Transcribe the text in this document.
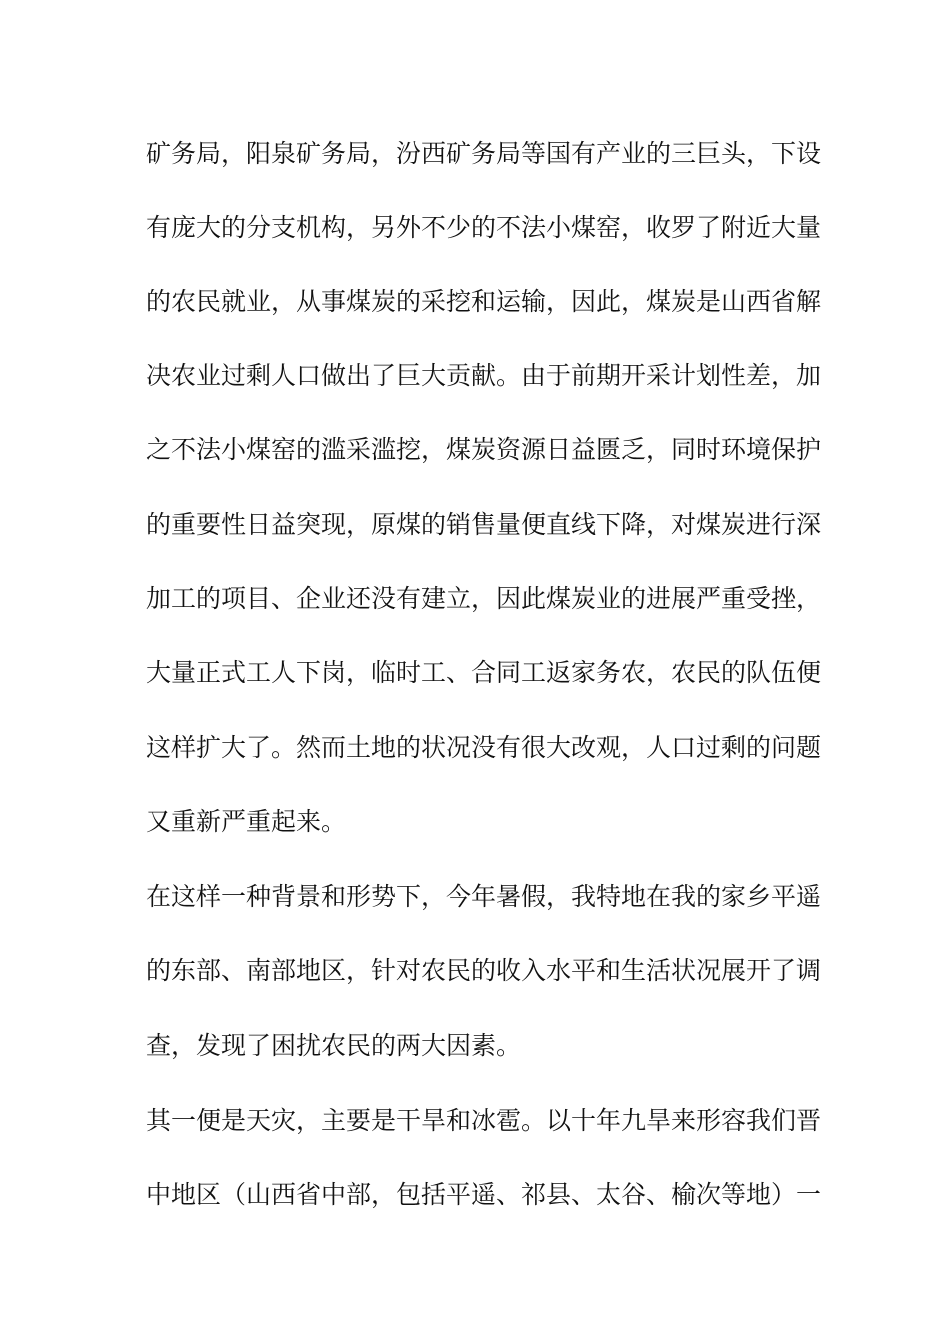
矿务局，阳泉矿务局，汾西矿务局等国有产业的三巨头，下设

有庞大的分支机构，另外不少的不法小煤窑，收罗了附近大量

的农民就业，从事煤炭的采挖和运输，因此，煤炭是山西省解

决农业过剩人口做出了巨大贡献。由于前期开采计划性差，加

之不法小煤窑的滥采滥挖，煤炭资源日益匮乏，同时环境保护

的重要性日益突现，原煤的销售量便直线下降，对煤炭进行深

加工的项目、企业还没有建立，因此煤炭业的进展严重受挫，

大量正式工人下岗，临时工、合同工返家务农，农民的队伍便

这样扩大了。然而土地的状况没有很大改观，人口过剩的问题

又重新严重起来。

在这样一种背景和形势下，今年暑假，我特地在我的家乡平遥

的东部、南部地区，针对农民的收入水平和生活状况展开了调

查，发现了困扰农民的两大因素。

其一便是天灾，主要是干旱和冰雹。以十年九旱来形容我们晋

中地区（山西省中部，包括平遥、祁县、太谷、榆次等地）一
